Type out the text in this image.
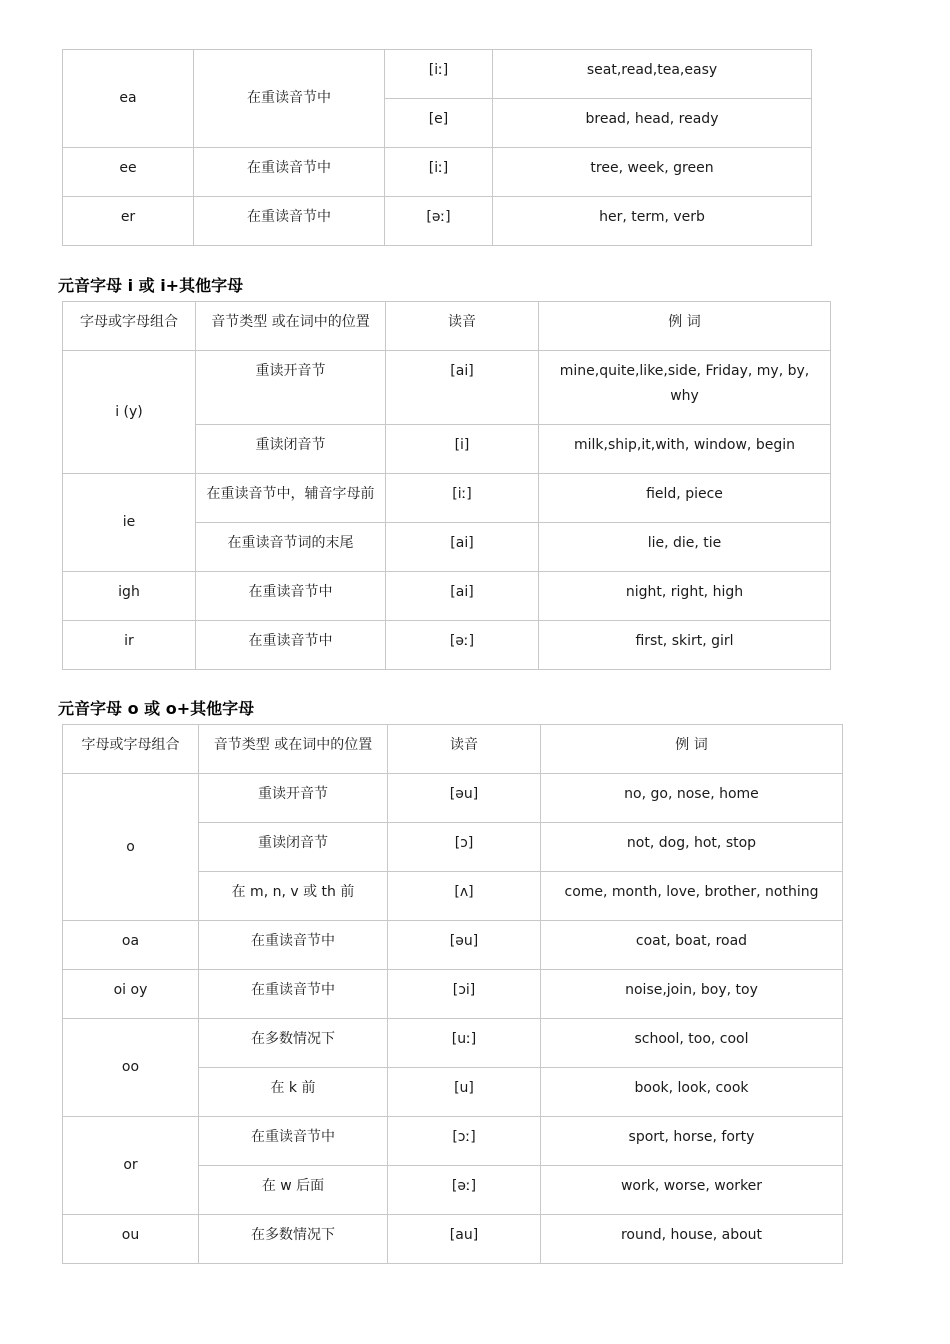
ea	在重读音节中	[iː]	seat,read,tea,easy
		[e]	bread, head, ready
ee	在重读音节中	[iː]	tree, week, green
er	在重读音节中	[əː]	her, term, verb
元音字母 i 或 i+其他字母
字母或字母组合	音节类型 或在词中的位置	读音	例 词
i (y)	重读开音节	[ai]	mine,quite,like,side, Friday, my, by, why
	重读闭音节	[i]	milk,ship,it,with, window, begin
ie	在重读音节中，辅音字母前	[iː]	field, piece
	在重读音节词的末尾	[ai]	lie, die, tie
igh	在重读音节中	[ai]	night, right, high
ir	在重读音节中	[əː]	first, skirt, girl
元音字母 o 或 o+其他字母
字母或字母组合	音节类型 或在词中的位置	读音	例 词
o	重读开音节	[əu]	no, go, nose, home
	重读闭音节	[ɔ]	not, dog, hot, stop
	在 m, n, v 或 th 前	[ʌ]	come, month, love, brother, nothing
oa	在重读音节中	[əu]	coat, boat, road
oi oy	在重读音节中	[ɔi]	noise,join, boy, toy
oo	在多数情况下	[uː]	school, too, cool
	在 k 前	[u]	book, look, cook
or	在重读音节中	[ɔː]	sport, horse, forty
	在 w 后面	[əː]	work, worse, worker
ou	在多数情况下	[au]	round, house, about
